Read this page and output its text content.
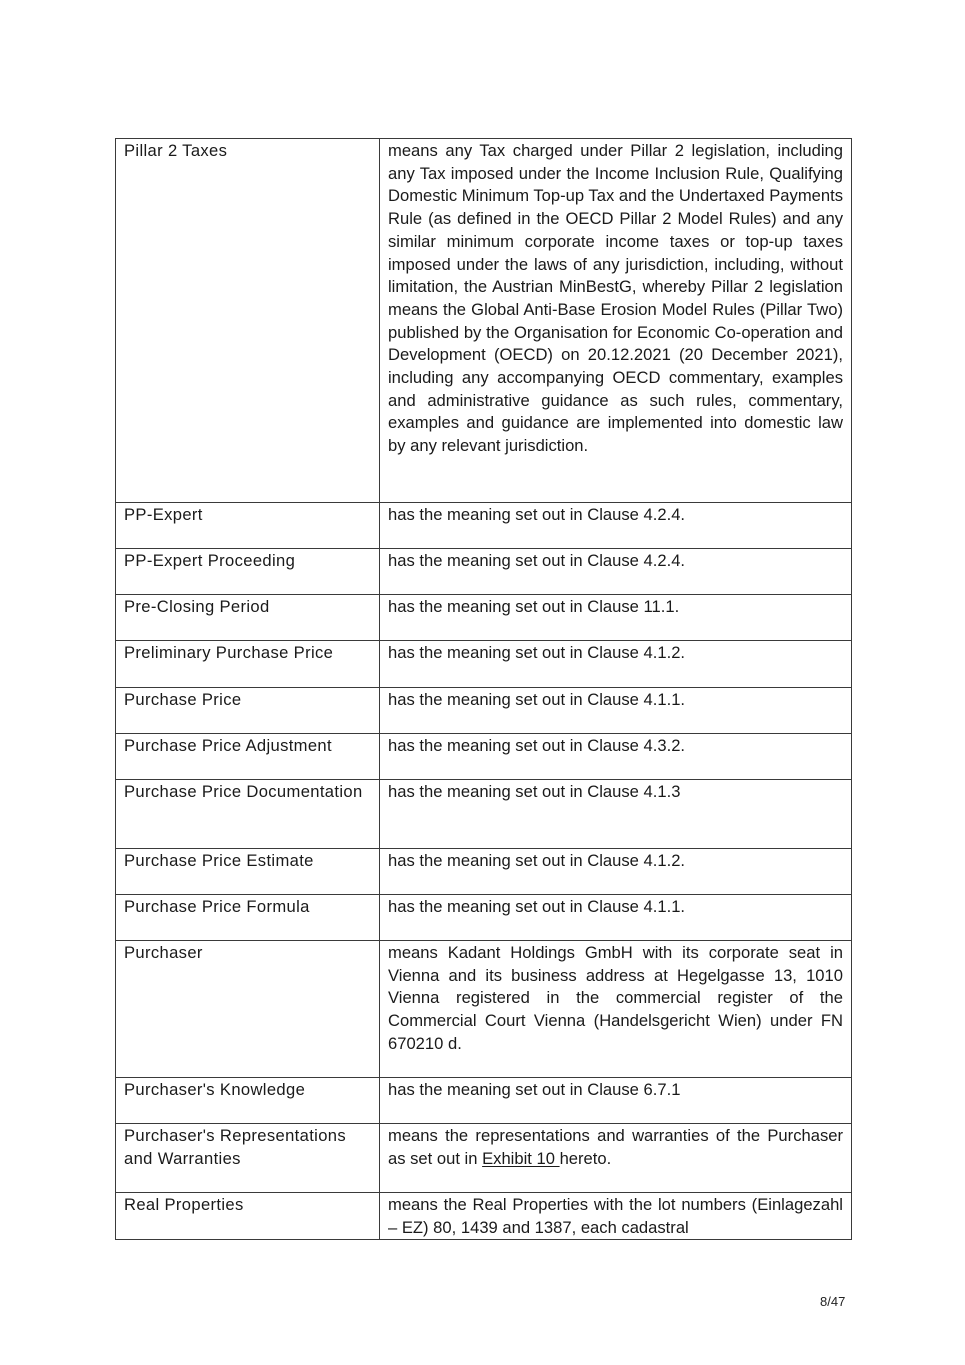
Pillar 2 Taxes	means any Tax charged under Pillar 2 legislation, including any Tax imposed under the Income Inclusion Rule, Qualifying Domestic Minimum Top-up Tax and the Undertaxed Payments Rule (as defined in the OECD Pillar 2 Model Rules) and any similar minimum corporate income taxes or top-up taxes imposed under the laws of any jurisdiction, including, without limitation, the Austrian MinBestG, whereby Pillar 2 legislation means the Global Anti-Base Erosion Model Rules (Pillar Two) published by the Organisation for Economic Co-operation and Development (OECD) on 20.12.2021 (20 December 2021), including any accompanying OECD commentary, examples and administrative guidance as such rules, commentary, examples and guidance are implemented into domestic law by any relevant jurisdiction.
PP-Expert	has the meaning set out in Clause 4.2.4.
PP-Expert Proceeding	has the meaning set out in Clause 4.2.4.
Pre-Closing Period	has the meaning set out in Clause 11.1.
Preliminary Purchase Price	has the meaning set out in Clause 4.1.2.
Purchase Price	has the meaning set out in Clause 4.1.1.
Purchase Price Adjustment	has the meaning set out in Clause 4.3.2.
Purchase Price Documentation	has the meaning set out in Clause 4.1.3
Purchase Price Estimate	has the meaning set out in Clause 4.1.2.
Purchase Price Formula	has the meaning set out in Clause 4.1.1.
Purchaser	means Kadant Holdings GmbH with its corporate seat in Vienna and its business address at Hegelgasse 13, 1010 Vienna registered in the commercial register of the Commercial Court Vienna (Handelsgericht Wien) under FN 670210 d.
Purchaser's Knowledge	has the meaning set out in Clause 6.7.1
Purchaser's Representations and Warranties	means the representations and warranties of the Purchaser as set out in Exhibit 10 hereto.
Real Properties	means the Real Properties with the lot numbers (Einlagezahl – EZ) 80, 1439 and 1387, each cadastral
8/47
